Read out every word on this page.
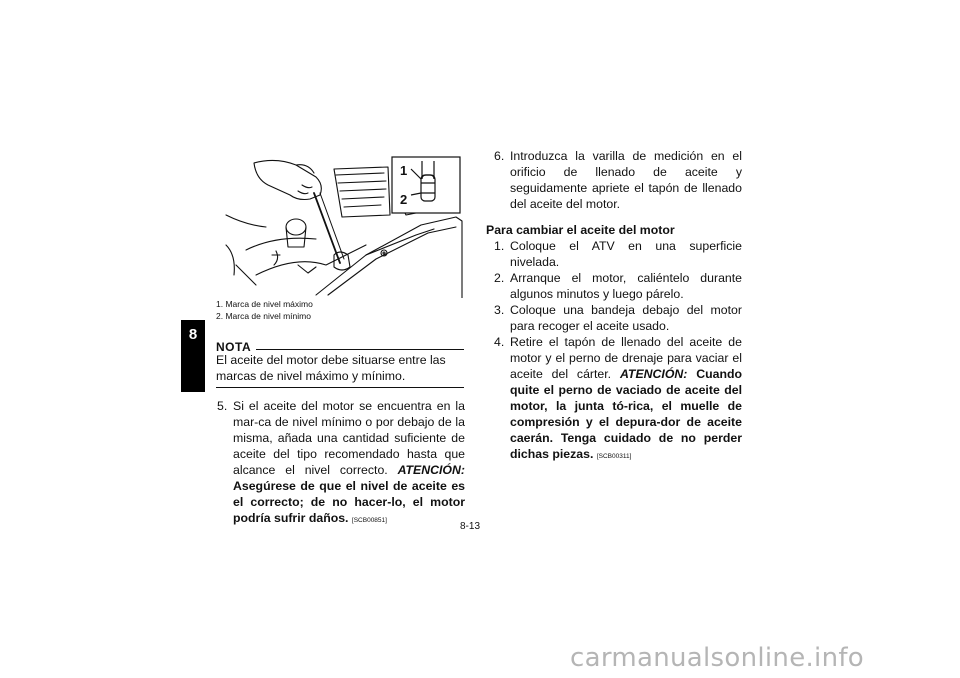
8
1
2
1. Marca de nivel máximo
2. Marca de nivel mínimo
NOTA
El aceite del motor debe situarse entre las marcas de nivel máximo y mínimo.
5. Si el aceite del motor se encuentra en la mar-ca de nivel mínimo o por debajo de la misma, añada una cantidad suficiente de aceite del tipo recomendado hasta que alcance el nivel correcto. ATENCIÓN: Asegúrese de que el nivel de aceite es el correcto; de no hacer-lo, el motor podría sufrir daños. [SCB00851]
6. Introduzca la varilla de medición en el orificio de llenado de aceite y seguidamente apriete el tapón de llenado del aceite del motor.
Para cambiar el aceite del motor
1. Coloque el ATV en una superficie nivelada.
2. Arranque el motor, caliéntelo durante algunos minutos y luego párelo.
3. Coloque una bandeja debajo del motor para recoger el aceite usado.
4. Retire el tapón de llenado del aceite de motor y el perno de drenaje para vaciar el aceite del cárter. ATENCIÓN: Cuando quite el perno de vaciado de aceite del motor, la junta tó-rica, el muelle de compresión y el depura-dor de aceite caerán. Tenga cuidado de no perder dichas piezas. [SCB00311]
8-13
carmanualsonline.info
